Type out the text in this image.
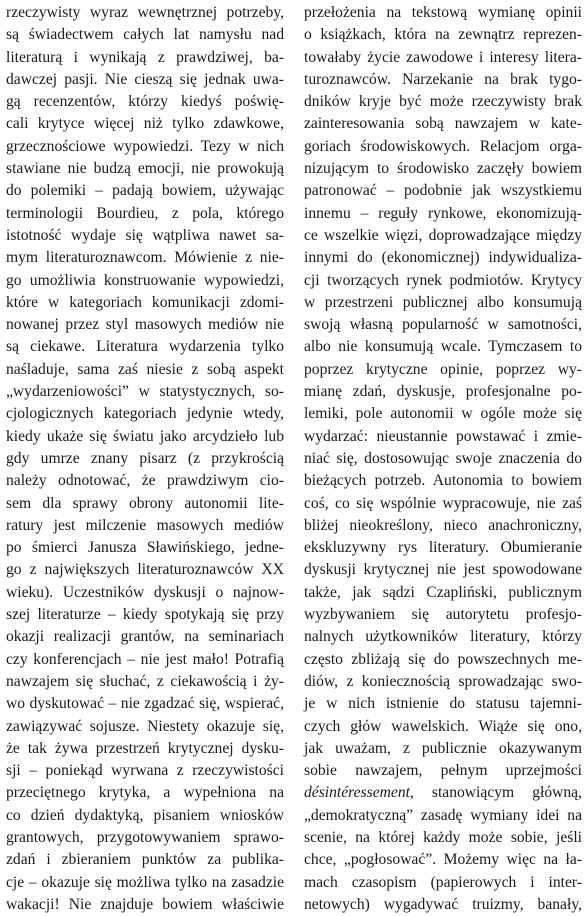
rzeczywisty wyraz wewnętrznej potrzeby,
są świadectwem całych lat namysłu nad
literaturą i wynikają z prawdziwej, ba-
dawczej pasji. Nie cieszą się jednak uwa-
gą recenzentów, którzy kiedyś poświę-
cali krytyce więcej niż tylko zdawkowe,
grzecznościowe wypowiedzi. Tezy w nich
stawiane nie budzą emocji, nie prowokują
do polemiki – padają bowiem, używając
terminologii Bourdieu, z pola, którego
istotność wydaje się wątpliwa nawet sa-
mym literaturoznawcom. Mówienie z nie-
go umożliwia konstruowanie wypowiedzi,
które w kategoriach komunikacji zdomi-
nowanej przez styl masowych mediów nie
są ciekawe. Literatura wydarzenia tylko
naśladuje, sama zaś niesie z sobą aspekt
„wydarzeniowości” w statystycznych, so-
cjologicznych kategoriach jedynie wtedy,
kiedy ukaże się światu jako arcydzieło lub
gdy umrze znany pisarz (z przykrością
należy odnotować, że prawdziwym cio-
sem dla sprawy obrony autonomii lite-
ratury jest milczenie masowych mediów
po śmierci Janusza Sławińskiego, jedne-
go z największych literaturoznawców XX
wieku). Uczestników dyskusji o najnow-
szej literaturze – kiedy spotykają się przy
okazji realizacji grantów, na seminariach
czy konferencjach – nie jest mało! Potrafią
nawzajem się słuchać, z ciekawością i ży-
wo dyskutować – nie zgadzać się, wspierać,
zawiązywać sojusze. Niestety okazuje się,
że tak żywa przestrzeń krytycznej dysku-
sji – poniekąd wyrwana z rzeczywistości
przeciętnego krytyka, a wypełniona na
co dzień dydaktyką, pisaniem wniosków
grantowych, przygotowywaniem sprawo-
zdań i zbieraniem punktów za publika-
cje – okazuje się możliwa tylko na zasadzie
wakacji! Nie znajduje bowiem właściwie
przełożenia na tekstową wymianę opinii
o książkach, która na zewnątrz reprezen-
towałaby życie zawodowe i interesy litera-
turoznawców. Narzekanie na brak tygo-
dników kryje być może rzeczywisty brak
zainteresowania sobą nawzajem w kate-
goriach środowiskowych. Relacjom orga-
nizującym to środowisko zaczęły bowiem
patronować – podobnie jak wszystkiemu
innemu – reguły rynkowe, ekonomizują-
ce wszelkie więzi, doprowadzające między
innymi do (ekonomicznej) indywidualiza-
cji tworzących rynek podmiotów. Krytycy
w przestrzeni publicznej albo konsumują
swoją własną popularność w samotności,
albo nie konsumują wcale. Tymczasem to
poprzez krytyczne opinie, poprzez wy-
mianę zdań, dyskusje, profesjonalne po-
lemiki, pole autonomii w ogóle może się
wydarzać: nieustannie powstawać i zmie-
niać się, dostosowując swoje znaczenia do
bieżących potrzeb. Autonomia to bowiem
coś, co się wspólnie wypracowuje, nie zaś
bliżej nieokreślony, nieco anachroniczny,
ekskluzywny rys literatury. Obumieranie
dyskusji krytycznej nie jest spowodowane
także, jak sądzi Czapliński, publicznym
wyzbywaniem się autorytetu profesjo-
nalnych użytkowników literatury, którzy
często zbliżają się do powszechnych me-
diów, z koniecznością sprowadzając swo-
je w nich istnienie do statusu tajemni-
czych głów wawelskich. Wiąże się ono,
jak uważam, z publicznie okazywanym
sobie nawzajem, pełnym uprzejmości
désintéressement, stanowiącym główną,
„demokratyczną” zasadę wymiany idei na
scenie, na której każdy może sobie, jeśli
chce, „pogłosować”. Możemy więc na ła-
mach czasopism (papierowych i inter-
netowych) wygadywać truizmy, banały,
